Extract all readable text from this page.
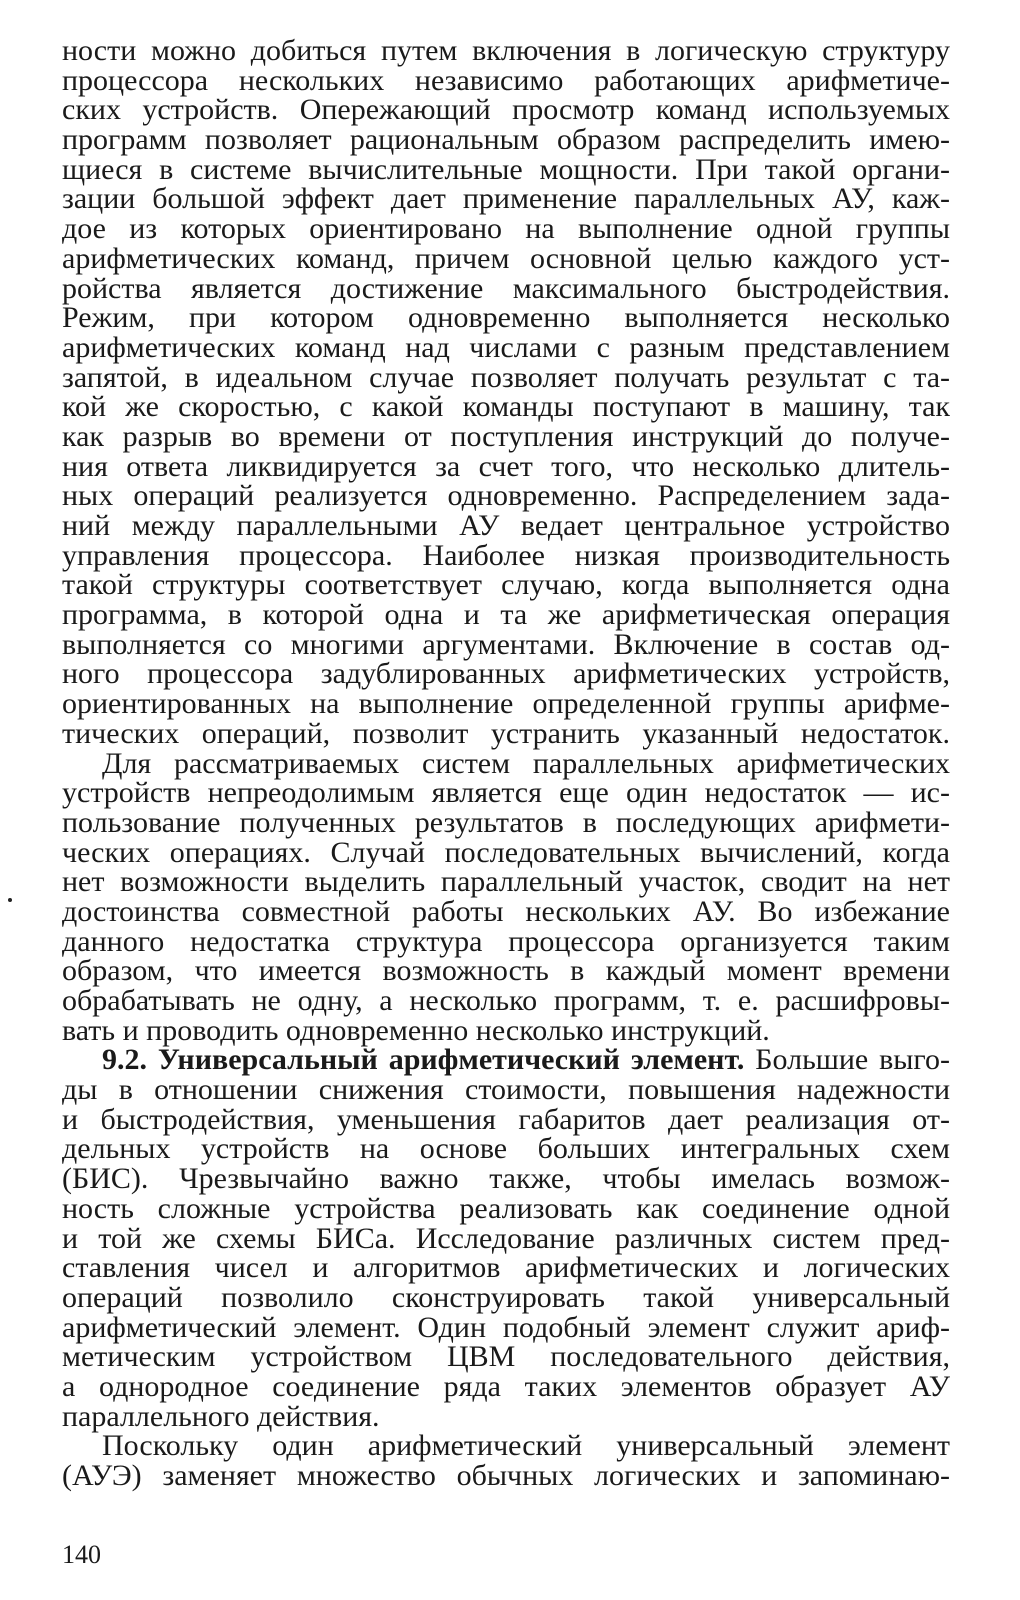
ности можно добиться путем включения в логическую структуру
процессора нескольких независимо работающих арифметиче-
ских устройств. Опережающий просмотр команд используемых
программ позволяет рациональным образом распределить имею-
щиеся в системе вычислительные мощности. При такой органи-
зации большой эффект дает применение параллельных АУ, каж-
дое из которых ориентировано на выполнение одной группы
арифметических команд, причем основной целью каждого уст-
ройства является достижение максимального быстродействия.
Режим, при котором одновременно выполняется несколько
арифметических команд над числами с разным представлением
запятой, в идеальном случае позволяет получать результат с та-
кой же скоростью, с какой команды поступают в машину, так
как разрыв во времени от поступления инструкций до получе-
ния ответа ликвидируется за счет того, что несколько длитель-
ных операций реализуется одновременно. Распределением зада-
ний между параллельными АУ ведает центральное устройство
управления процессора. Наиболее низкая производительность
такой структуры соответствует случаю, когда выполняется одна
программа, в которой одна и та же арифметическая операция
выполняется со многими аргументами. Включение в состав од-
ного процессора задублированных арифметических устройств,
ориентированных на выполнение определенной группы арифме-
тических операций, позволит устранить указанный недостаток.
Для рассматриваемых систем параллельных арифметических
устройств непреодолимым является еще один недостаток — ис-
пользование полученных результатов в последующих арифмети-
ческих операциях. Случай последовательных вычислений, когда
нет возможности выделить параллельный участок, сводит на нет
достоинства совместной работы нескольких АУ. Во избежание
данного недостатка структура процессора организуется таким
образом, что имеется возможность в каждый момент времени
обрабатывать не одну, а несколько программ, т. е. расшифровы-
вать и проводить одновременно несколько инструкций.
9.2. Универсальный арифметический элемент. Большие выго-
ды в отношении снижения стоимости, повышения надежности
и быстродействия, уменьшения габаритов дает реализация от-
дельных устройств на основе больших интегральных схем
(БИС). Чрезвычайно важно также, чтобы имелась возмож-
ность сложные устройства реализовать как соединение одной
и той же схемы БИСа. Исследование различных систем пред-
ставления чисел и алгоритмов арифметических и логических
операций позволило сконструировать такой универсальный
арифметический элемент. Один подобный элемент служит ариф-
метическим устройством ЦВМ последовательного действия,
а однородное соединение ряда таких элементов образует АУ
параллельного действия.
Поскольку один арифметический универсальный элемент
(АУЭ) заменяет множество обычных логических и запоминаю-
140
